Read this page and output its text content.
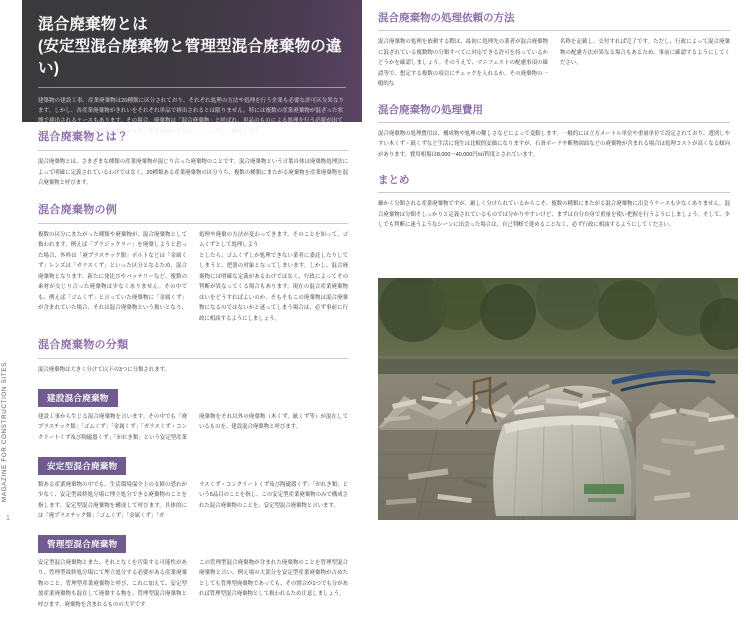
MAGAZINE FOR CONSTRUCTION SITES
1
混合廃棄物とは
(安定型混合廃棄物と管理型混合廃棄物の違い)

建築物の建設工事、産業廃棄物は20種類に区分されており、それぞれ処理の方法や処理を行う企業も必要な許可区分異なります。しかし、各産業廃棄物がきれいをそれぞれ単品で排出されるとは限りません。特には複数の産業廃棄物が混ざった状態で排出されるケースもあります。その場合、廃棄物は「混合廃棄物」と呼ばれ、単品のものによる処理を行う必要が出てきます。今回は、混合廃棄物の概要や分類、処理依頼の方法について、詳しく解説します。

混合廃棄物とは？

混合廃棄物とは、さまざまな種類の産業廃棄物が混じり合った廃棄物のことです。混合廃棄物という言葉自体は廃棄物処理法によって明確に定義されているわけではなく、20種類ある産業廃棄物の区分うち、複数の種類にまたがる廃棄物を産業廃棄物を混合廃棄物と呼びます。

混合廃棄物の例

複数の区分にまたがった種類や廃棄物が、混合廃棄物として扱われます。例えば「プラジックラー」を廃棄しようと思った場合、外枠は「廃プラスチック類」ボルトなどは「金属くず」レンズは「ガラスくず」といった区分となるため、混合廃棄物となります。新たに発比びやバッテリーなど、複数の素材が交じり合った廃棄物は少なくありません。その中でも、例えば「ゴムくず」と言っていた廃棄物に「金属くず」が含まれていた場合、それは混合廃棄物という扱いとなり、処理や廃棄の方法が変わってきます。そのことを知って、ゴムくずとして処理しよう

としたら、ゴムくずしか処理できない業者に委託したりしてしまうと、把罰の対象となってしまいます。しかし、混合廃棄物には明確な定義があるわけではなく、行政によってその判断が異なってくる場合もあります。現在の混合産業廃棄物はいをどうすればよいのか、そもそもこの廃棄物は混合廃棄物になるのではないかと迷ってしまう場合は、必ず事前に行政に相談するようにしましょう。

混合廃棄物の分類

混合廃棄物は大きく分けて以下の3つに分類されます。

建設混合廃棄物

建設工事から生じる混合廃棄物を言います。その中でも「廃プラスチック類」「ゴムくず」「金属くず」「ガラスくず・コンクリートくず及び陶磁器くず」「がれき類」という安定型産業廃棄物をそれ以外の廃棄物（木くず、紙くず等）が混在しているものを、建設混合廃棄物と呼びます。

安定型混合廃棄物

数ある産業廃棄物の中でも、生活環境保全上の支障の恐れが少なく、安定型最終処分場に埋立処分できる廃棄物のことを指します。安定型混合廃棄物を構成して呼びます。具体的には「廃プラスチック類」「ゴムくず」「金属くず」「ガ

ラスくず・コンクリートくず及び陶磁器くず」「がれき類」という5品目のことを指し、この安定型産業廃棄物のみで構成された混合廃棄物のことを、安定型混合廃棄物と言います。

管理型混合廃棄物

安定型混合廃棄物とまた、それとなくを汚染する可能性があり、管理型最終処分場にて埋立処分する必要がある産業廃棄物のこと。管理型産業廃棄物と呼び、これに加えて、安定型放産業廃棄物も混在して廃棄する物を、管理型混合廃棄物と呼びます。廃棄物を含まれるものの大半です

この管理型混合廃棄物が含まれた廃棄物のことを管理型混合廃棄物と言い、例え場の大部分を安定型産業廃棄物が占めたとしても管理型廃棄物であっても、その割合が1つでも分があれば管理型混合廃棄物として扱われるため注意しましょう。

混合廃棄物の処理依頼の方法

混合廃棄物の処理を依頼する際は、最初に処理先の業者が混合廃棄物に混ざれている複数物の分類すべてに対応できる許可を持っているかどうかを確認しましょう。そのうえで、マニフェストの配慮事項の確認等で、想定する複数の項目にチェックを入れるか、その廃棄物の一般的な

名称を記載し、交付すれば完了です。ただし、行政によって混合廃棄物の配慮方法が異なる場合もあるため、事前に確認するようにしてください。

混合廃棄物の処理費用

混合廃棄物の処理費用は、構成物や処理の難しさなどによって変動します。一般的には立方メートル単位や重量単位で設定されており、選別しやすい木くず・紙くずなど生活に発生は比較的安価になりますが、石膏ボードや断熱図面などの廃棄物が含まれる場合は処理コストが高くなる傾向があります。費用相場は8,000〜40,000円/㎥程度とされています。

まとめ

細かく分類される産業廃棄物ですが、厳しく分けられているからこそ、複数の種類にまたがる混合廃棄物に出会うケースも少なくありません。混合廃棄物は分類そしっかりと定義されているものでは分かりやすいけど、まずは自分自身で重量を使い把握を行うようにしましょう。そして、少しでも判断に迷うようなシーンに出会った場合は、自己判断で進めることなく、必ず行政に相談するようにしてください。
